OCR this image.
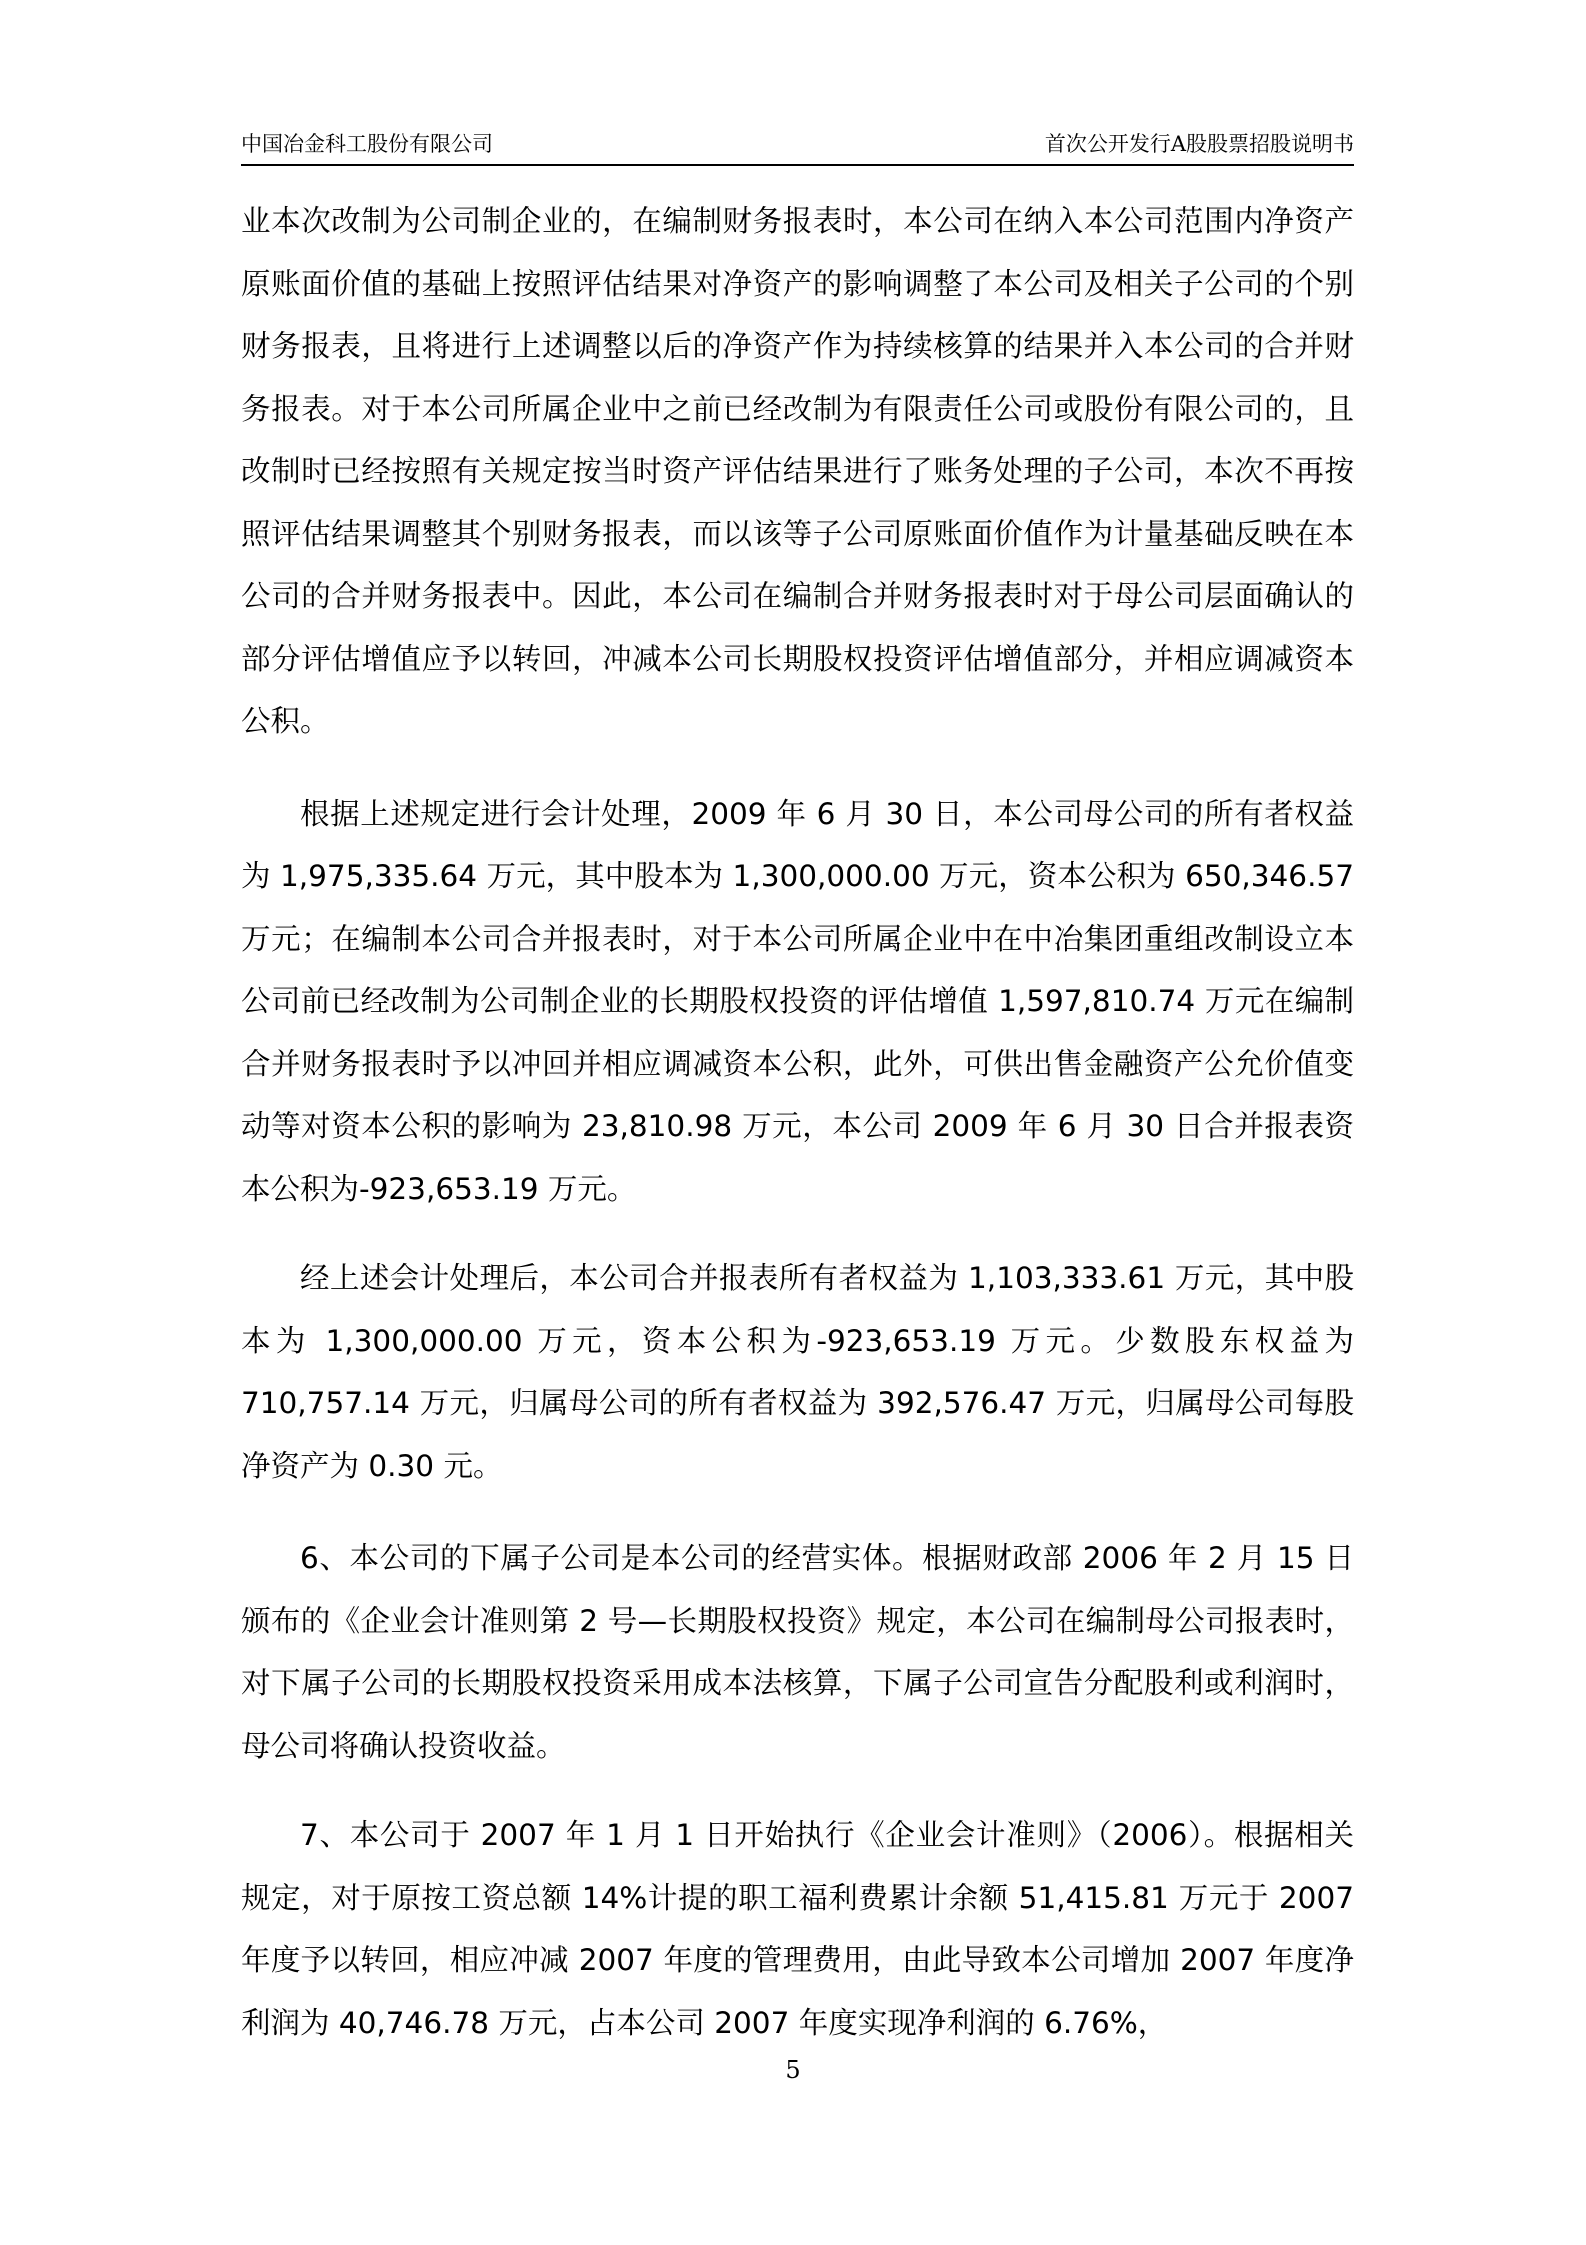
中国冶金科工股份有限公司	首次公开发行A股股票招股说明书

业本次改制为公司制企业的，在编制财务报表时，本公司在纳入本公司范围内净资产原账面价值的基础上按照评估结果对净资产的影响调整了本公司及相关子公司的个别财务报表，且将进行上述调整以后的净资产作为持续核算的结果并入本公司的合并财务报表。对于本公司所属企业中之前已经改制为有限责任公司或股份有限公司的，且改制时已经按照有关规定按当时资产评估结果进行了账务处理的子公司，本次不再按照评估结果调整其个别财务报表，而以该等子公司原账面价值作为计量基础反映在本公司的合并财务报表中。因此，本公司在编制合并财务报表时对于母公司层面确认的部分评估增值应予以转回，冲减本公司长期股权投资评估增值部分，并相应调减资本公积。

根据上述规定进行会计处理，2009 年 6 月 30 日，本公司母公司的所有者权益为 1,975,335.64 万元，其中股本为 1,300,000.00 万元，资本公积为 650,346.57 万元；在编制本公司合并报表时，对于本公司所属企业中在中冶集团重组改制设立本公司前已经改制为公司制企业的长期股权投资的评估增值 1,597,810.74 万元在编制合并财务报表时予以冲回并相应调减资本公积，此外，可供出售金融资产公允价值变动等对资本公积的影响为 23,810.98 万元，本公司 2009 年 6 月 30 日合并报表资本公积为-923,653.19 万元。

经上述会计处理后，本公司合并报表所有者权益为 1,103,333.61 万元，其中股本为 1,300,000.00 万元，资本公积为-923,653.19 万元。少数股东权益为 710,757.14 万元，归属母公司的所有者权益为 392,576.47 万元，归属母公司每股净资产为 0.30 元。

6、本公司的下属子公司是本公司的经营实体。根据财政部 2006 年 2 月 15 日颁布的《企业会计准则第 2 号—长期股权投资》规定，本公司在编制母公司报表时，对下属子公司的长期股权投资采用成本法核算，下属子公司宣告分配股利或利润时，母公司将确认投资收益。

7、本公司于 2007 年 1 月 1 日开始执行《企业会计准则》（2006）。根据相关规定，对于原按工资总额 14%计提的职工福利费累计余额 51,415.81 万元于 2007 年度予以转回，相应冲减 2007 年度的管理费用，由此导致本公司增加 2007 年度净利润为 40,746.78 万元，占本公司 2007 年度实现净利润的 6.76%，

5
